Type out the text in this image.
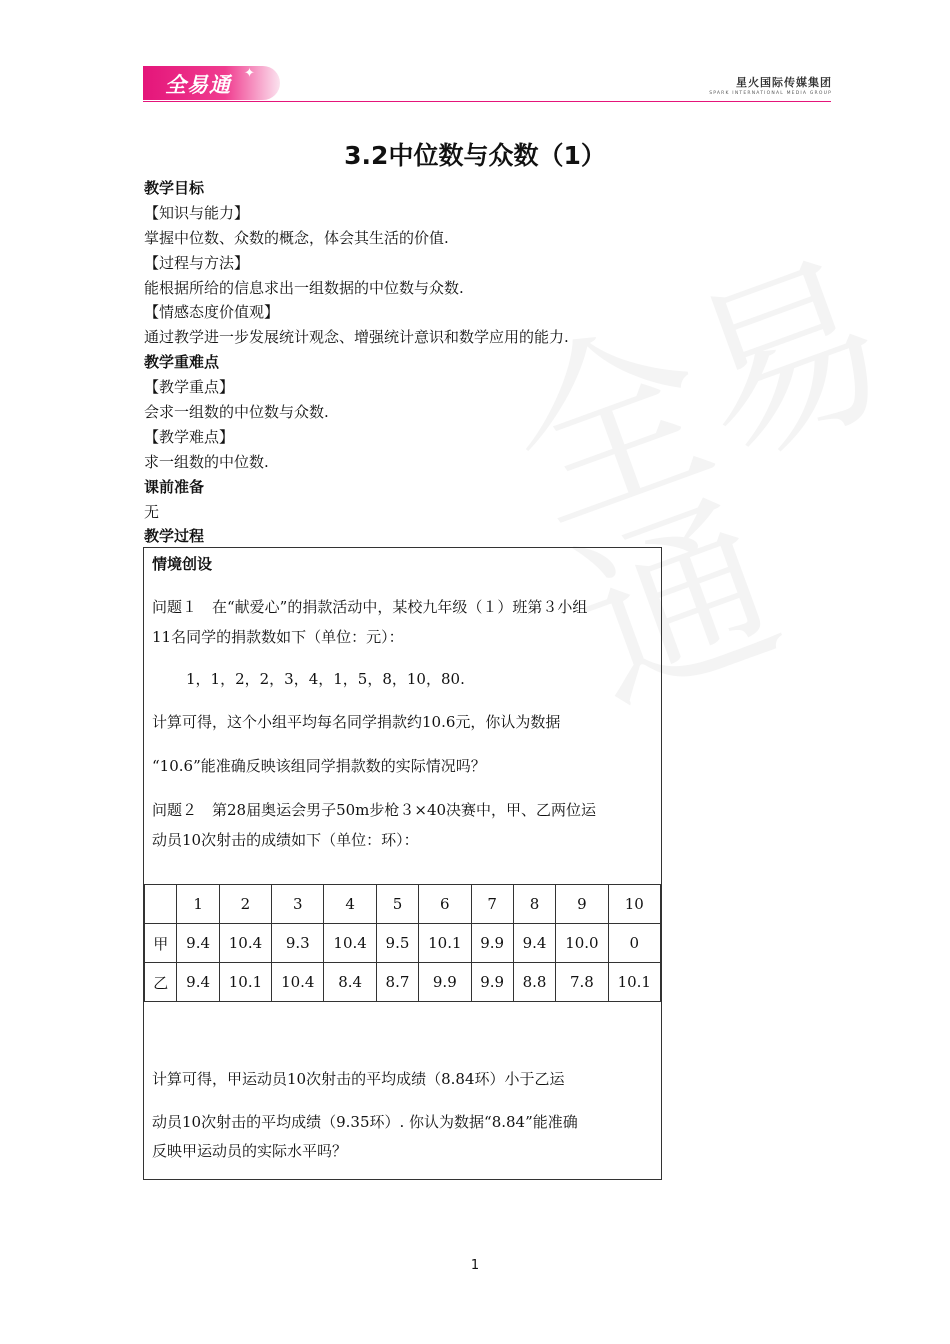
全易通 ✦
星火国际传媒集团
SPARK INTERNATIONAL MEDIA GROUP
3.2中位数与众数（1）
教学目标
【知识与能力】
掌握中位数、众数的概念，体会其生活的价值.
【过程与方法】
能根据所给的信息求出一组数据的中位数与众数.
【情感态度价值观】
通过教学进一步发展统计观念、增强统计意识和数学应用的能力.
教学重难点
【教学重点】
会求一组数的中位数与众数.
【教学难点】
求一组数的中位数.
课前准备
无
教学过程
情境创设
问题１　在“献爱心”的捐款活动中，某校九年级（１）班第３小组
11名同学的捐款数如下（单位：元）：
1，1，2，2，3，4，1，5，8，10，80.
计算可得，这个小组平均每名同学捐款约10.6元，你认为数据
“10.6”能准确反映该组同学捐款数的实际情况吗？
问题２　第28届奥运会男子50m步枪３×40决赛中，甲、乙两位运
动员10次射击的成绩如下（单位：环）：
	1	2	3	4	5	6	7	8	9	10
甲	9.4	10.4	9.3	10.4	9.5	10.1	9.9	9.4	10.0	0
乙	9.4	10.1	10.4	8.4	8.7	9.9	9.9	8.8	7.8	10.1
计算可得，甲运动员10次射击的平均成绩（8.84环）小于乙运
动员10次射击的平均成绩（9.35环）. 你认为数据“8.84”能准确
反映甲运动员的实际水平吗？
1
